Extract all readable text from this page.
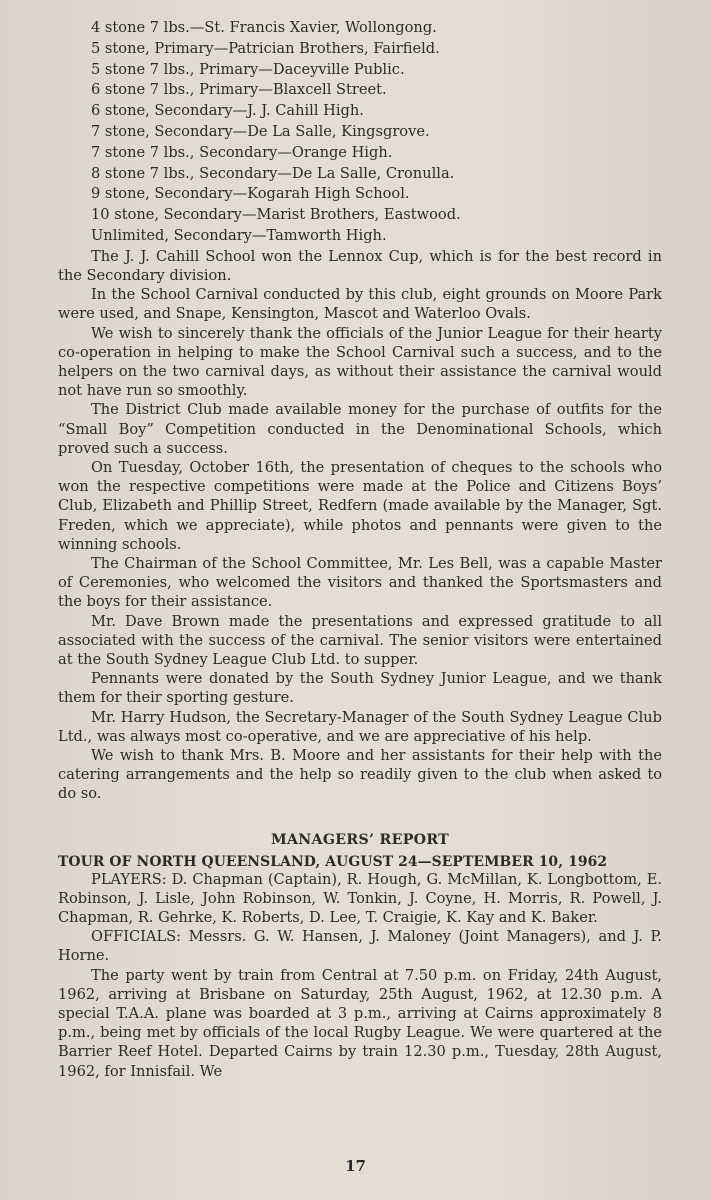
4 stone 7 lbs.—St. Francis Xavier, Wollongong.
5 stone, Primary—Patrician Brothers, Fairfield.
5 stone 7 lbs., Primary—Daceyville Public.
6 stone 7 lbs., Primary—Blaxcell Street.
6 stone, Secondary—J. J. Cahill High.
7 stone, Secondary—De La Salle, Kingsgrove.
7 stone 7 lbs., Secondary—Orange High.
8 stone 7 lbs., Secondary—De La Salle, Cronulla.
9 stone, Secondary—Kogarah High School.
10 stone, Secondary—Marist Brothers, Eastwood.
Unlimited, Secondary—Tamworth High.

The J. J. Cahill School won the Lennox Cup, which is for the best record in the Secondary division.

In the School Carnival conducted by this club, eight grounds on Moore Park were used, and Snape, Kensington, Mascot and Waterloo Ovals.

We wish to sincerely thank the officials of the Junior League for their hearty co-operation in helping to make the School Carnival such a success, and to the helpers on the two carnival days, as without their assistance the carnival would not have run so smoothly.

The District Club made available money for the purchase of outfits for the “Small Boy” Competition conducted in the Denominational Schools, which proved such a success.

On Tuesday, October 16th, the presentation of cheques to the schools who won the respective competitions were made at the Police and Citizens Boys’ Club, Elizabeth and Phillip Street, Redfern (made available by the Manager, Sgt. Freden, which we appreciate), while photos and pennants were given to the winning schools.

The Chairman of the School Committee, Mr. Les Bell, was a capable Master of Ceremonies, who welcomed the visitors and thanked the Sportsmasters and the boys for their assistance.

Mr. Dave Brown made the presentations and expressed gratitude to all associated with the success of the carnival. The senior visitors were entertained at the South Sydney League Club Ltd. to supper.

Pennants were donated by the South Sydney Junior League, and we thank them for their sporting gesture.

Mr. Harry Hudson, the Secretary-Manager of the South Sydney League Club Ltd., was always most co-operative, and we are appreciative of his help.

We wish to thank Mrs. B. Moore and her assistants for their help with the catering arrangements and the help so readily given to the club when asked to do so.

MANAGERS’ REPORT
TOUR OF NORTH QUEENSLAND, AUGUST 24—SEPTEMBER 10, 1962

PLAYERS: D. Chapman (Captain), R. Hough, G. McMillan, K. Longbottom, E. Robinson, J. Lisle, John Robinson, W. Tonkin, J. Coyne, H. Morris, R. Powell, J. Chapman, R. Gehrke, K. Roberts, D. Lee, T. Craigie, K. Kay and K. Baker.

OFFICIALS: Messrs. G. W. Hansen, J. Maloney (Joint Managers), and J. P. Horne.

The party went by train from Central at 7.50 p.m. on Friday, 24th August, 1962, arriving at Brisbane on Saturday, 25th August, 1962, at 12.30 p.m. A special T.A.A. plane was boarded at 3 p.m., arriving at Cairns approximately 8 p.m., being met by officials of the local Rugby League. We were quartered at the Barrier Reef Hotel. Departed Cairns by train 12.30 p.m., Tuesday, 28th August, 1962, for Innisfail. We

17
